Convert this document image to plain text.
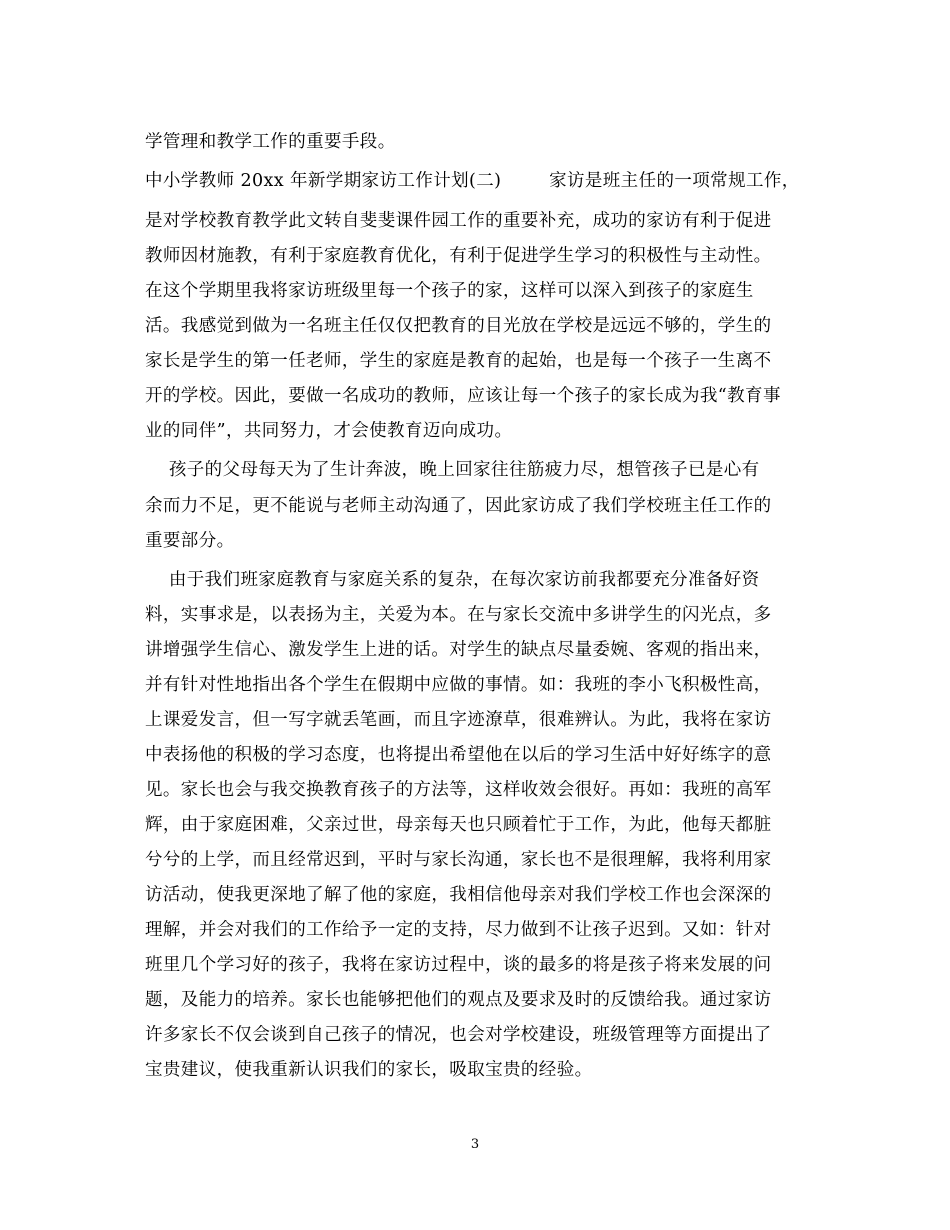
学管理和教学工作的重要手段。
中小学教师 20xx 年新学期家访工作计划(二)        家访是班主任的一项常规工作，
是对学校教育教学此文转自斐斐课件园工作的重要补充，成功的家访有利于促进
教师因材施教，有利于家庭教育优化，有利于促进学生学习的积极性与主动性。
在这个学期里我将家访班级里每一个孩子的家，这样可以深入到孩子的家庭生
活。我感觉到做为一名班主任仅仅把教育的目光放在学校是远远不够的，学生的
家长是学生的第一任老师，学生的家庭是教育的起始，也是每一个孩子一生离不
开的学校。因此，要做一名成功的教师，应该让每一个孩子的家长成为我“教育事
业的同伴”，共同努力，才会使教育迈向成功。
孩子的父母每天为了生计奔波，晚上回家往往筋疲力尽，想管孩子已是心有
余而力不足，更不能说与老师主动沟通了，因此家访成了我们学校班主任工作的
重要部分。
由于我们班家庭教育与家庭关系的复杂，在每次家访前我都要充分准备好资
料，实事求是，以表扬为主，关爱为本。在与家长交流中多讲学生的闪光点，多
讲增强学生信心、激发学生上进的话。对学生的缺点尽量委婉、客观的指出来，
并有针对性地指出各个学生在假期中应做的事情。如：我班的李小飞积极性高，
上课爱发言，但一写字就丢笔画，而且字迹潦草，很难辨认。为此，我将在家访
中表扬他的积极的学习态度，也将提出希望他在以后的学习生活中好好练字的意
见。家长也会与我交换教育孩子的方法等，这样收效会很好。再如：我班的高军
辉，由于家庭困难，父亲过世，母亲每天也只顾着忙于工作，为此，他每天都脏
兮兮的上学，而且经常迟到，平时与家长沟通，家长也不是很理解，我将利用家
访活动，使我更深地了解了他的家庭，我相信他母亲对我们学校工作也会深深的
理解，并会对我们的工作给予一定的支持，尽力做到不让孩子迟到。又如：针对
班里几个学习好的孩子，我将在家访过程中，谈的最多的将是孩子将来发展的问
题，及能力的培养。家长也能够把他们的观点及要求及时的反馈给我。通过家访
许多家长不仅会谈到自己孩子的情况，也会对学校建设，班级管理等方面提出了
宝贵建议，使我重新认识我们的家长，吸取宝贵的经验。
3
